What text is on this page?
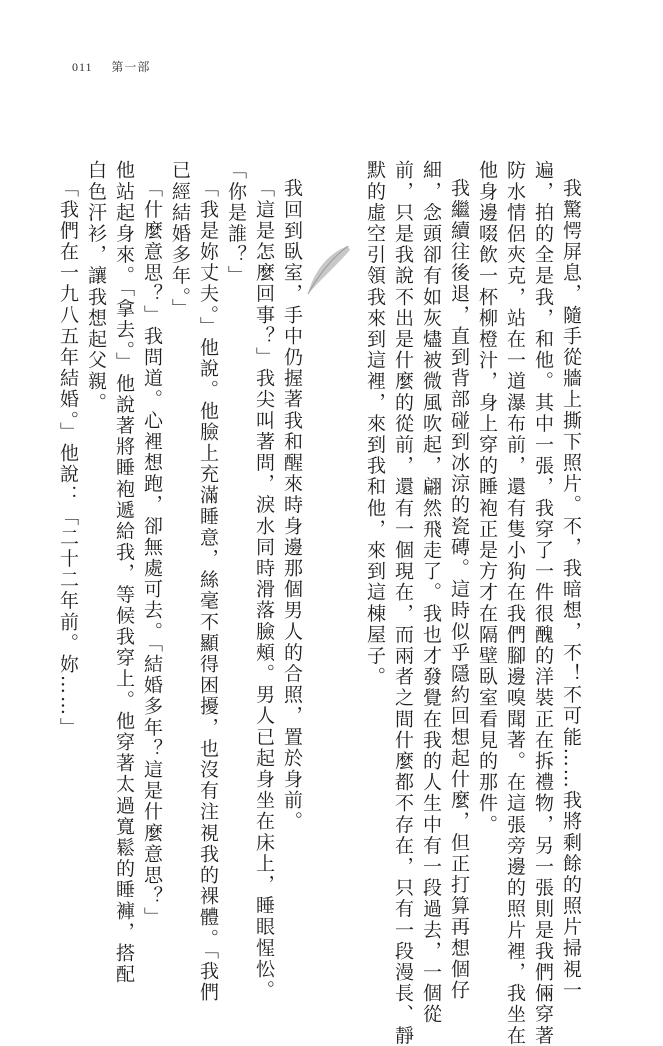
011 第一部
我驚愕屏息，隨手從牆上撕下照片。不，我暗想，不！不可能……我將剩餘的照片掃視一
遍，拍的全是我，和他。其中一張，我穿了一件很醜的洋裝正在拆禮物，另一張則是我們倆穿著
防水情侶夾克，站在一道瀑布前，還有隻小狗在我們腳邊嗅聞著。在這張旁邊的照片裡，我坐在
他身邊啜飲一杯柳橙汁，身上穿的睡袍正是方才在隔壁臥室看見的那件。
我繼續往後退，直到背部碰到冰涼的瓷磚。這時似乎隱約回想起什麼，但正打算再想個仔
細，念頭卻有如灰燼被微風吹起，翩然飛走了。我也才發覺在我的人生中有一段過去，一個從
前，只是我說不出是什麼的從前，還有一個現在，而兩者之間什麼都不存在，只有一段漫長、靜
默的虛空引領我來到這裡，來到我和他，來到這棟屋子。
我回到臥室，手中仍握著我和醒來時身邊那個男人的合照，置於身前。
「這是怎麼回事？」我尖叫著問，淚水同時滑落臉頰。男人已起身坐在床上，睡眼惺忪。
「你是誰？」
「我是妳丈夫。」他說。他臉上充滿睡意，絲毫不顯得困擾，也沒有注視我的裸體。「我們
已經結婚多年。」
「什麼意思？」我問道。心裡想跑，卻無處可去。「結婚多年？這是什麼意思？」
他站起身來。「拿去。」他說著將睡袍遞給我，等候我穿上。他穿著太過寬鬆的睡褲，搭配
白色汗衫，讓我想起父親。
「我們在一九八五年結婚。」他說：「二十二年前。妳……」
